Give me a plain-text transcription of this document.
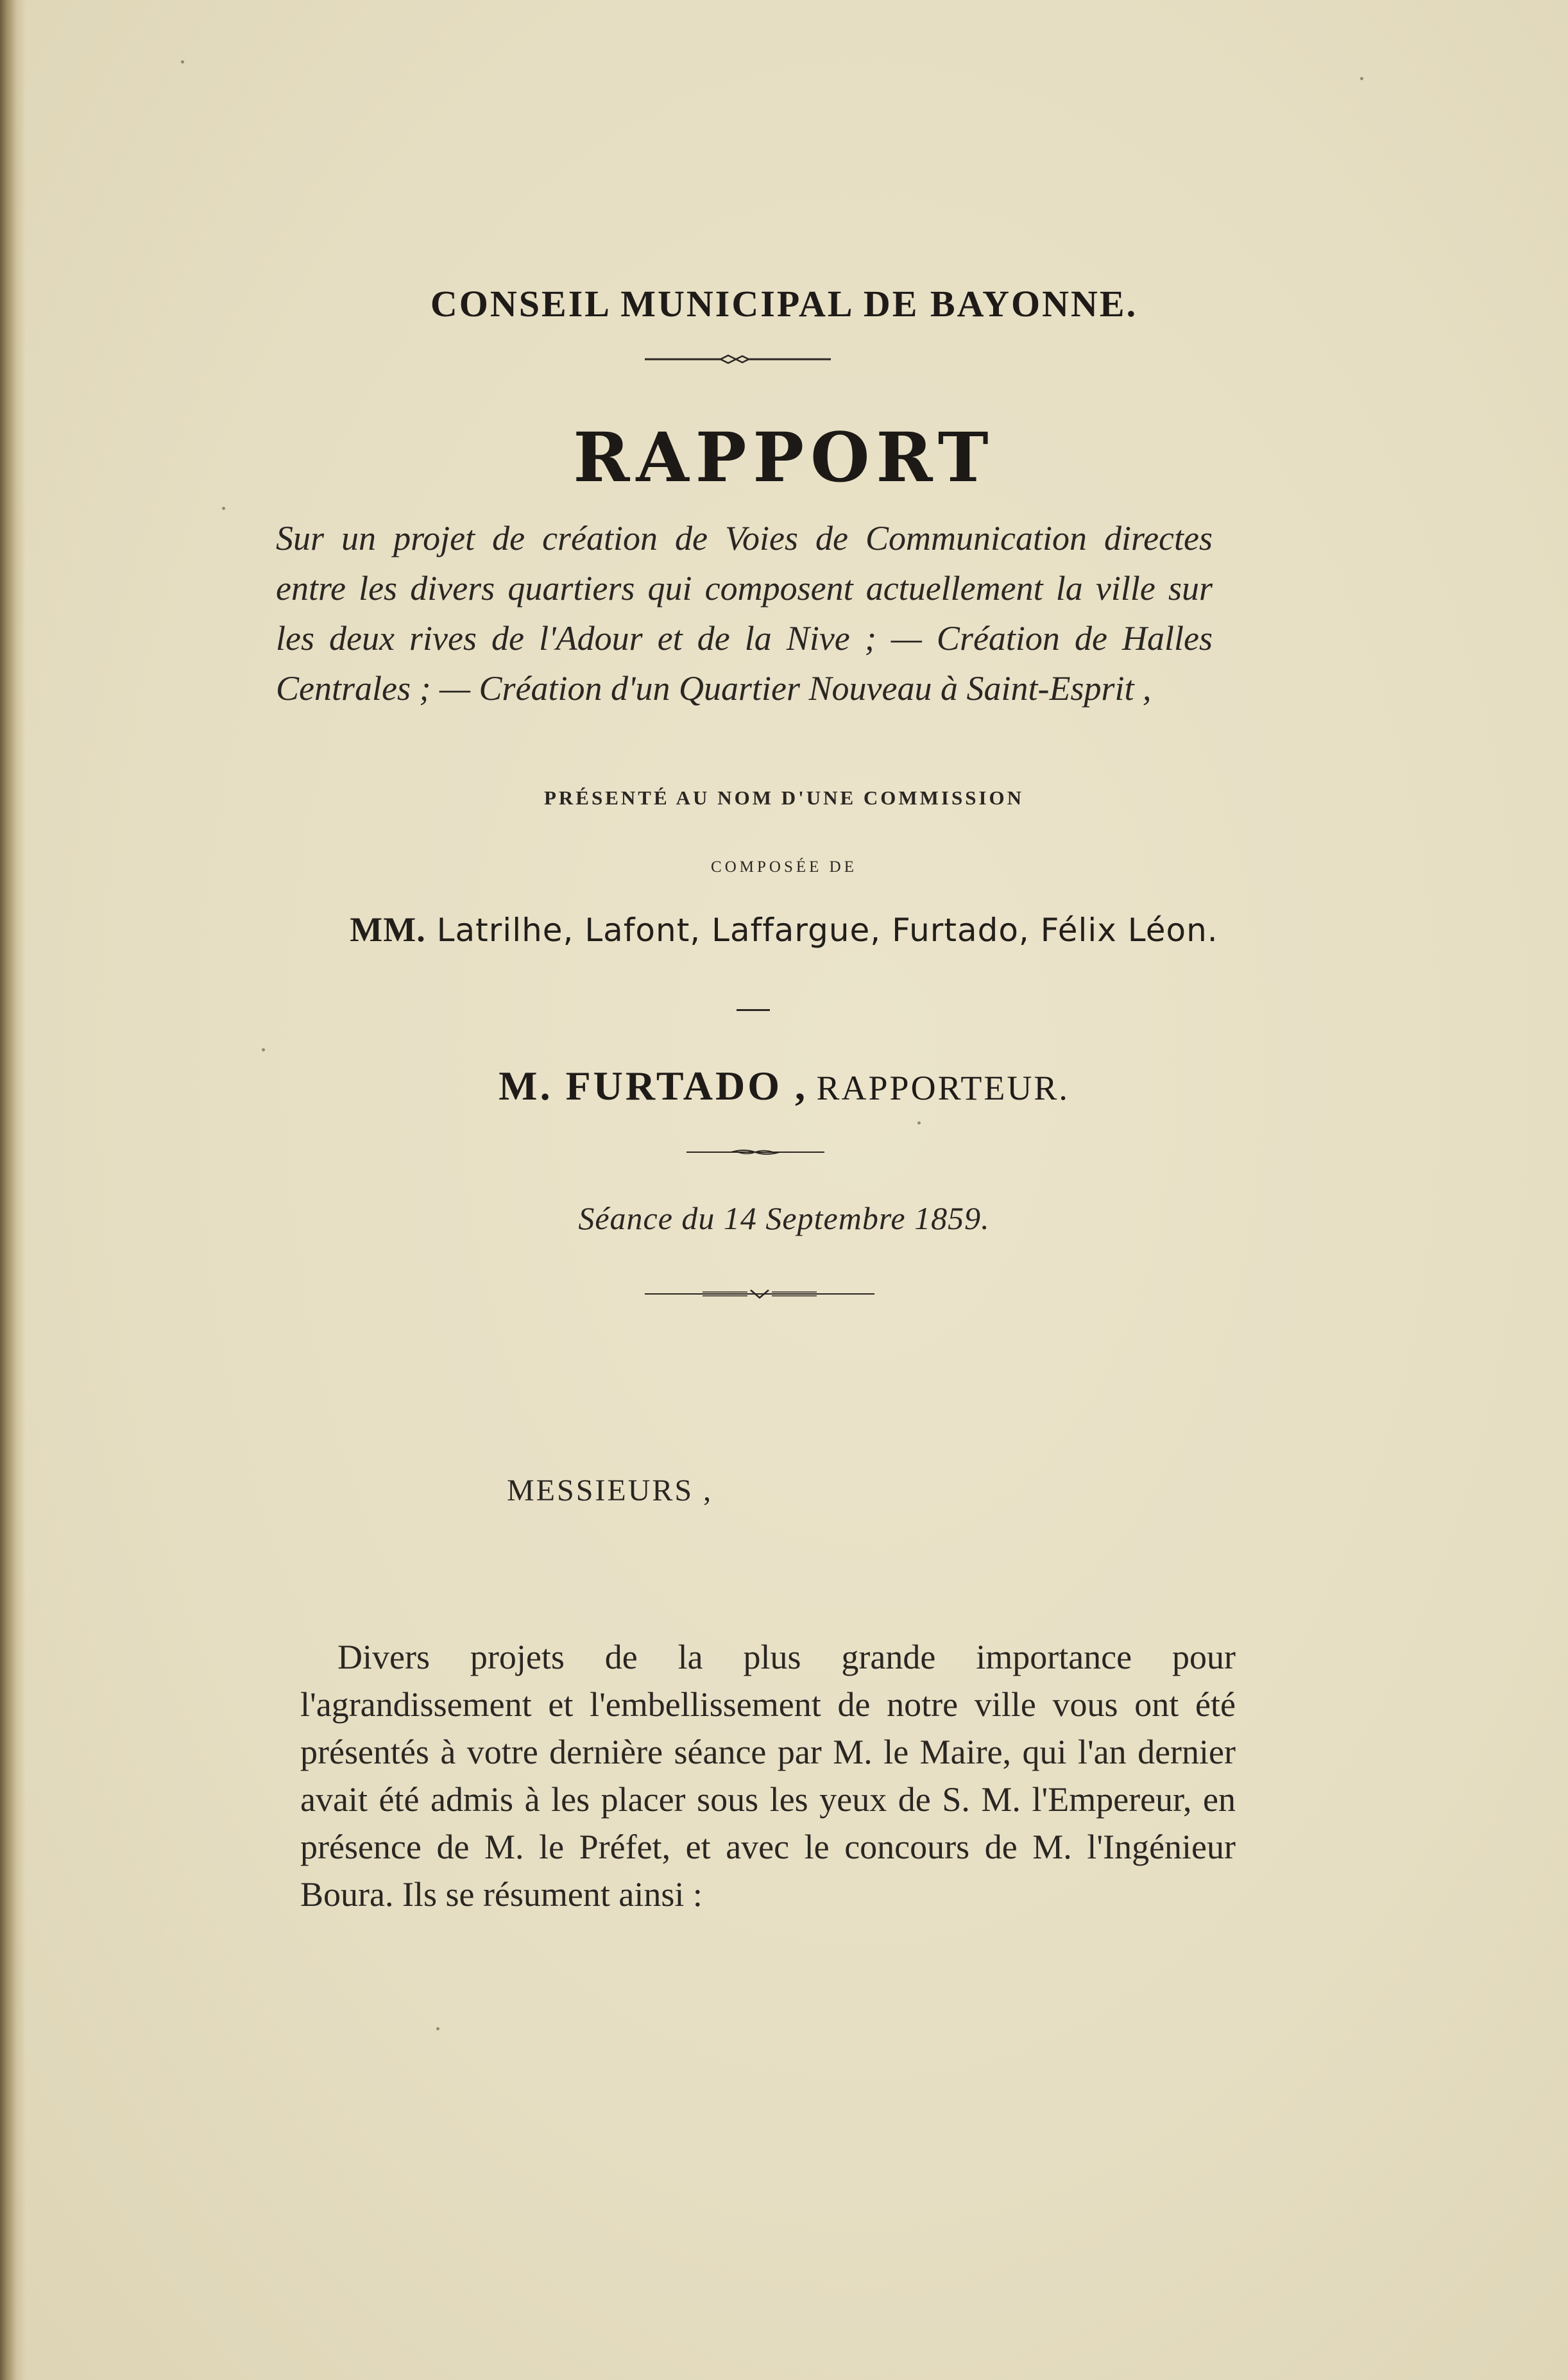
CONSEIL MUNICIPAL DE BAYONNE.
RAPPORT
Sur un projet de création de Voies de Communication directes entre les divers quartiers qui composent actuellement la ville sur les deux rives de l'Adour et de la Nive ; — Création de Halles Centrales ; — Création d'un Quartier Nouveau à Saint-Esprit ,
PRÉSENTÉ AU NOM D'UNE COMMISSION
COMPOSÉE DE
MM. Latrilhe, Lafont, Laffargue, Furtado, Félix Léon.
M. FURTADO , RAPPORTEUR.
Séance du 14 Septembre 1859.
MESSIEURS ,
Divers projets de la plus grande importance pour l'agrandissement et l'embellissement de notre ville vous ont été présentés à votre dernière séance par M. le Maire, qui l'an dernier avait été admis à les placer sous les yeux de S. M. l'Empereur, en présence de M. le Préfet, et avec le concours de M. l'Ingénieur Boura. Ils se résument ainsi :
